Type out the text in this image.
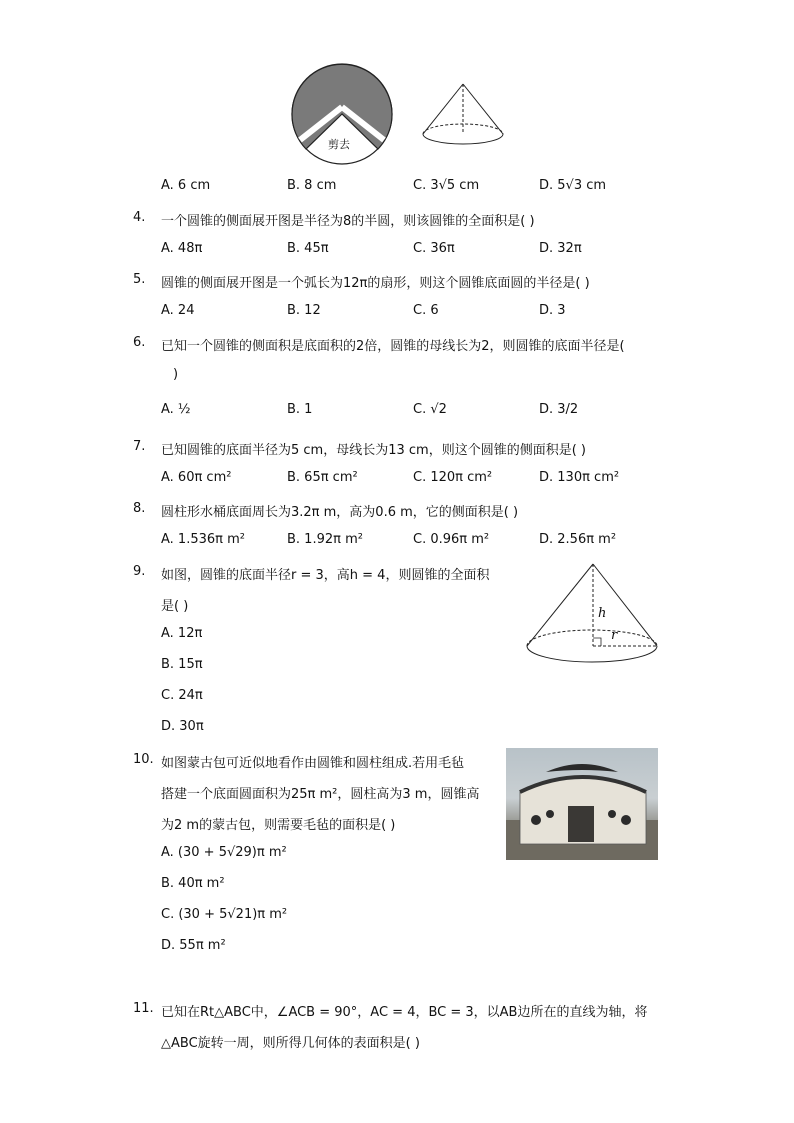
剪去
A. 6 cm	B. 8 cm	C. 3√5 cm	D. 5√3 cm
4. 一个圆锥的侧面展开图是半径为8的半圆，则该圆锥的全面积是( )
A. 48π	B. 45π	C. 36π	D. 32π
5. 圆锥的侧面展开图是一个弧长为12π的扇形，则这个圆锥底面圆的半径是( )
A. 24	B. 12	C. 6	D. 3
6. 已知一个圆锥的侧面积是底面积的2倍，圆锥的母线长为2，则圆锥的底面半径是(
)
A. ½	B. 1	C. √2	D. 3/2
7. 已知圆锥的底面半径为5 cm，母线长为13 cm，则这个圆锥的侧面积是( )
A. 60π cm²	B. 65π cm²	C. 120π cm²	D. 130π cm²
8. 圆柱形水桶底面周长为3.2π m，高为0.6 m，它的侧面积是( )
A. 1.536π m²	B. 1.92π m²	C. 0.96π m²	D. 2.56π m²
9. 如图，圆锥的底面半径r = 3，高h = 4，则圆锥的全面积
是( )
A. 12π
B. 15π
C. 24π
D. 30π
h
r
10. 如图蒙古包可近似地看作由圆锥和圆柱组成.若用毛毡
搭建一个底面圆面积为25π m²，圆柱高为3 m，圆锥高
为2 m的蒙古包，则需要毛毡的面积是( )
A. (30 + 5√29)π m²
B. 40π m²
C. (30 + 5√21)π m²
D. 55π m²
11. 已知在Rt△ABC中，∠ACB = 90°，AC = 4，BC = 3，以AB边所在的直线为轴，将
△ABC旋转一周，则所得几何体的表面积是( )
